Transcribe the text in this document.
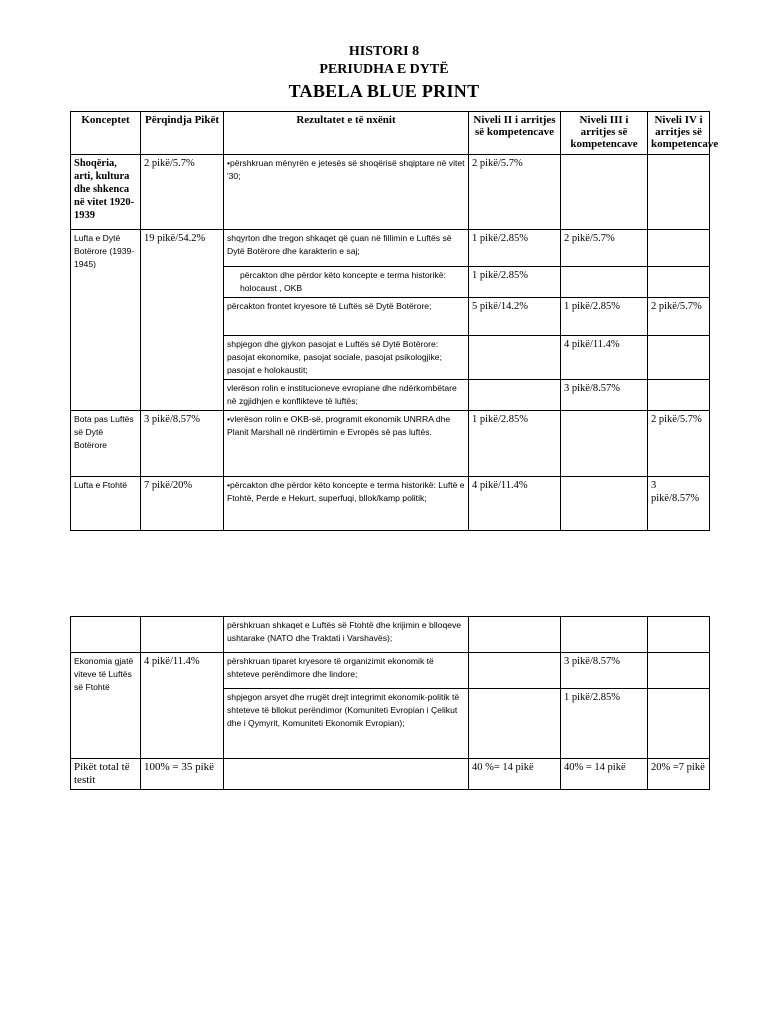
HISTORI 8
PERIUDHA E DYTË
TABELA BLUE PRINT
Konceptet	Përqindja Pikët	Rezultatet e të nxënit	Niveli II i arritjes së kompetencave	Niveli III i arritjes së kompetencave	Niveli IV i arritjes së kompetencave
Shoqëria, arti, kultura dhe shkenca në vitet 1920-1939	2 pikë/5.7%	• përshkruan mënyrën e jetesës së shoqërisë shqiptare në vitet '30;	2 pikë/5.7%		
Lufta e Dytë Botërore (1939-1945)	19 pikë/54.2%	shqyrton dhe tregon shkaqet që çuan në fillimin e Luftës së Dytë Botërore dhe karakterin e saj;	1 pikë/2.85%	2 pikë/5.7%	
		përcakton dhe përdor këto koncepte e terma historikë: holocaust , OKB	1 pikë/2.85%		
		përcakton frontet kryesore të Luftës së Dytë Botërore;	5 pikë/14.2%	1 pikë/2.85%	2 pikë/5.7%
		shpjegon dhe gjykon pasojat e Luftës së Dytë Botërore: pasojat ekonomike, pasojat sociale, pasojat psikologjike; pasojat e holokaustit;		4 pikë/11.4%	
		vlerëson rolin e institucioneve evropiane dhe ndërkombëtare në zgjidhjen e konflikteve të luftës;		3 pikë/8.57%	
Bota pas Luftës së Dytë Botërore	3 pikë/8.57%	• vlerëson rolin e OKB-së, programit ekonomik UNRRA dhe Planit Marshall në rindërtimin e Evropës së pas luftës.	1 pikë/2.85%		2 pikë/5.7%
Lufta e Ftohtë	7 pikë/20%	• përcakton dhe përdor këto koncepte e terma historikë: Luftë e Ftohtë, Perde e Hekurt, superfuqi, bllok/kamp politik;	4 pikë/11.4%		3 pikë/8.57%
		përshkruan shkaqet e Luftës së Ftohtë dhe krijimin e blloqeve ushtarake (NATO dhe Traktati i Varshavës);			
Ekonomia gjatë viteve të Luftës së Ftohtë	4 pikë/11.4%	përshkruan tiparet kryesore të organizimit ekonomik të shteteve perëndimore dhe lindore;		3 pikë/8.57%	
		shpjegon arsyet dhe rrugët drejt integrimit ekonomik-politik të shteteve të bllokut perëndimor (Komuniteti Evropian i Çelikut dhe i Qymyrit, Komuniteti Ekonomik Evropian);		1 pikë/2.85%	
Pikët total të testit	100% = 35 pikë		40 %= 14 pikë	40% = 14 pikë	20% =7 pikë
